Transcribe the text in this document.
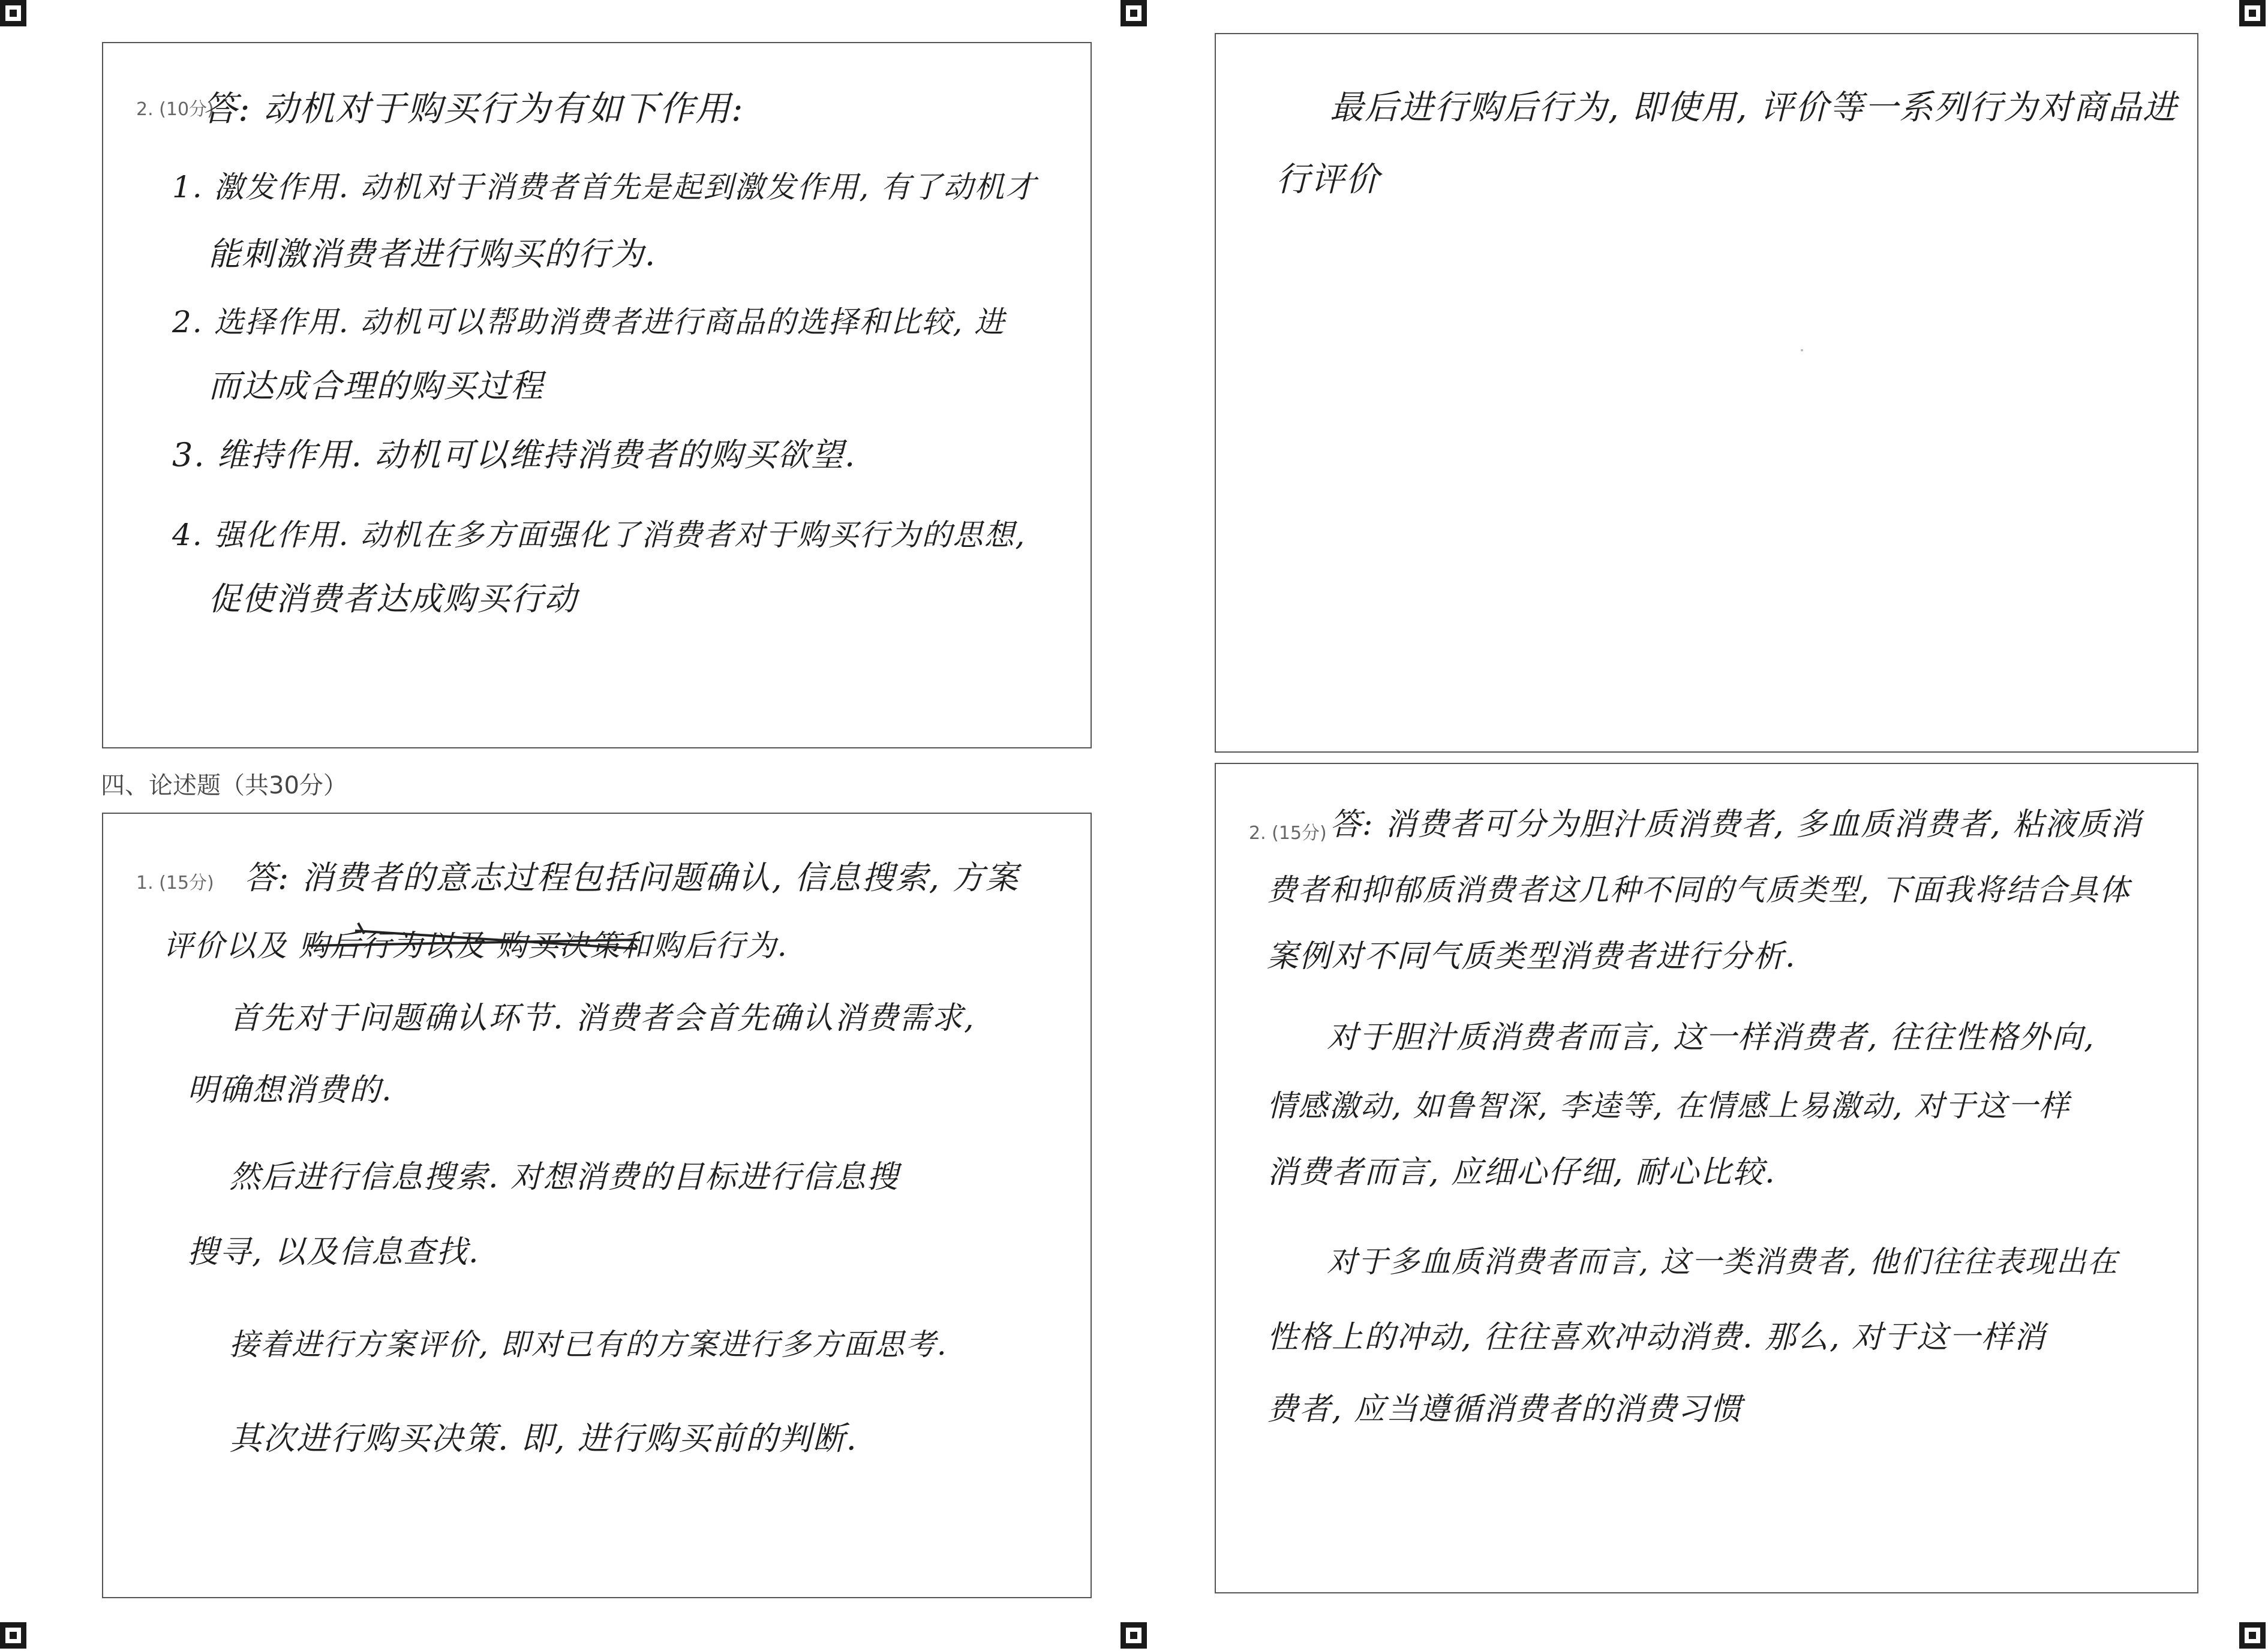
2. (10分)
答: 动机对于购买行为有如下作用:
1. 激发作用. 动机对于消费者首先是起到激发作用, 有了动机才
能刺激消费者进行购买的行为.
2. 选择作用. 动机可以帮助消费者进行商品的选择和比较, 进
而达成合理的购买过程
3. 维持作用. 动机可以维持消费者的购买欲望.
4. 强化作用. 动机在多方面强化了消费者对于购买行为的思想,
促使消费者达成购买行动
最后进行购后行为, 即使用, 评价等一系列行为对商品进
行评价
四、论述题（共30分）
1. (15分) 答: 消费者的意志过程包括问题确认, 信息搜索, 方案
评价以及 购后行为以及 购买决策和购后行为.
首先对于问题确认环节. 消费者会首先确认消费需求,
明确想消费的.
然后进行信息搜索. 对想消费的目标进行信息搜
搜寻, 以及信息查找.
接着进行方案评价, 即对已有的方案进行多方面思考.
其次进行购买决策. 即, 进行购买前的判断.
2. (15分) 答: 消费者可分为胆汁质消费者, 多血质消费者, 粘液质消
费者和抑郁质消费者这几种不同的气质类型, 下面我将结合具体
案例对不同气质类型消费者进行分析.
对于胆汁质消费者而言, 这一样消费者, 往往性格外向,
情感激动, 如鲁智深, 李逵等, 在情感上易激动, 对于这一样
消费者而言, 应细心仔细, 耐心比较.
对于多血质消费者而言, 这一类消费者, 他们往往表现出在
性格上的冲动, 往往喜欢冲动消费. 那么, 对于这一样消
费者, 应当遵循消费者的消费习惯
